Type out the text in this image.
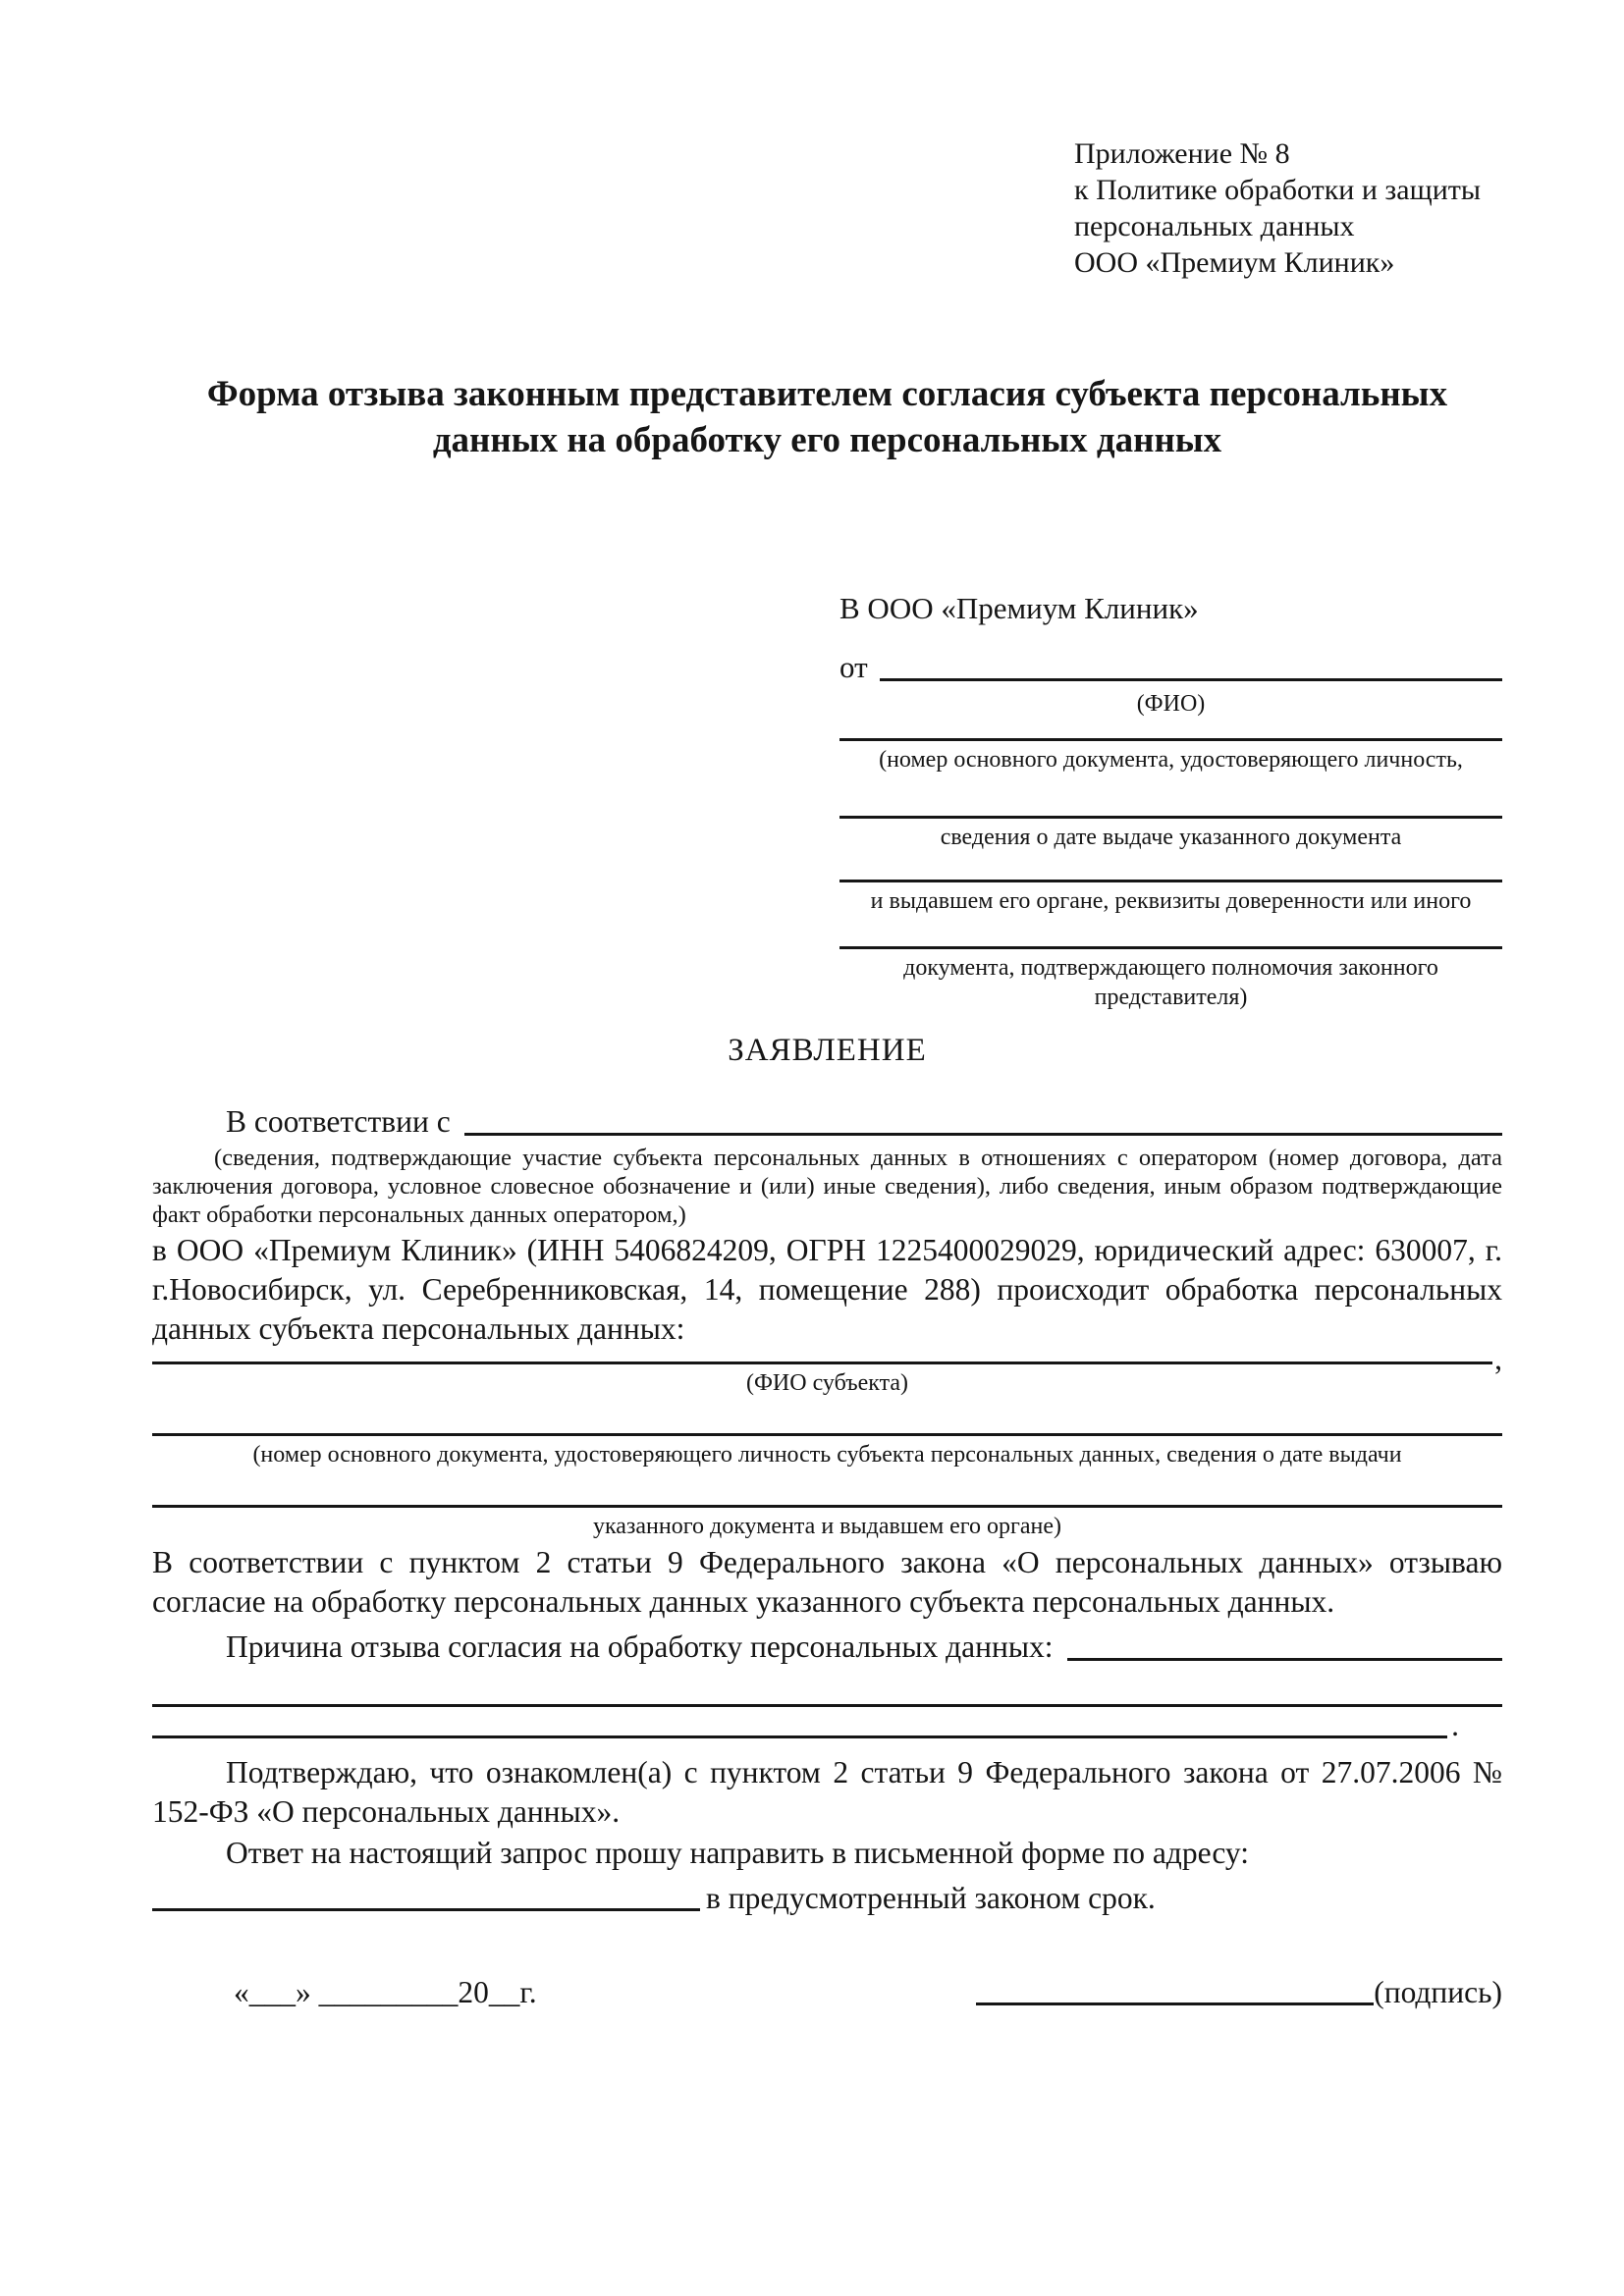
Приложение № 8
к Политике обработки и защиты
персональных данных
ООО «Премиум Клиник»
Форма отзыва законным представителем согласия субъекта персональных данных на обработку его персональных данных
В ООО «Премиум Клиник»
от
(ФИО)
(номер основного документа, удостоверяющего личность,
сведения о дате выдаче указанного документа
и выдавшем его органе, реквизиты доверенности или иного
документа, подтверждающего полномочия законного представителя)
ЗАЯВЛЕНИЕ
В соответствии с
(сведения, подтверждающие участие субъекта персональных данных в отношениях с оператором (номер договора, дата заключения договора, условное словесное обозначение и (или) иные сведения), либо сведения, иным образом подтверждающие факт обработки персональных данных оператором,)

в ООО «Премиум Клиник» (ИНН 5406824209, ОГРН 1225400029029, юридический адрес: 630007, г. г.Новосибирск, ул. Серебренниковская, 14, помещение 288) происходит обработка персональных данных субъекта персональных данных:

,
(ФИО субъекта)
(номер основного документа, удостоверяющего личность субъекта персональных данных, сведения о дате выдачи
указанного документа и выдавшем его органе)

В соответствии с пунктом 2 статьи 9 Федерального закона «О персональных данных» отзываю согласие на обработку персональных данных указанного субъекта персональных данных.

Причина отзыва согласия на обработку персональных данных:
.

Подтверждаю, что ознакомлен(а) с пунктом 2 статьи 9 Федерального закона от 27.07.2006 № 152-ФЗ «О персональных данных».

Ответ на настоящий запрос прошу направить в письменной форме по адресу:

в предусмотренный законом срок.
«___» _________20__г.	(подпись)
